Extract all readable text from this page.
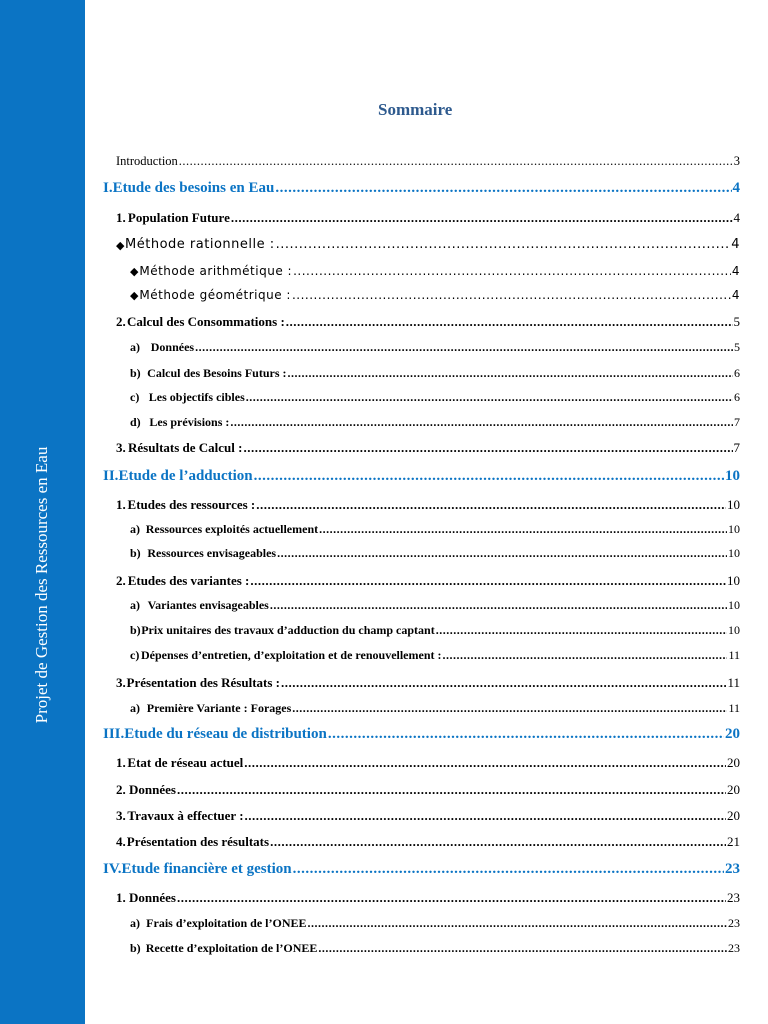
Projet de Gestion des Ressources en Eau
Sommaire
Introduction .....	3
I. Etude des besoins en Eau .....	4
1. Population Future .....	4
◆ Méthode rationnelle : .....	4
◆ Méthode arithmétique : .....	4
◆ Méthode géométrique : .....	4
2. Calcul des Consommations : .....	5
a) Données .....	5
b) Calcul des Besoins Futurs : .....	6
c) Les objectifs cibles .....	6
d) Les prévisions : .....	7
3. Résultats de Calcul : .....	7
II. Etude de l’adduction .....	10
1. Etudes des ressources : .....	10
a) Ressources exploités actuellement .....	10
b) Ressources envisageables .....	10
2. Etudes des variantes : .....	10
a) Variantes envisageables .....	10
b) Prix unitaires des travaux d’adduction du champ captant .....	10
c) Dépenses d’entretien, d’exploitation et de renouvellement : .....	11
3. Présentation des Résultats : .....	11
a) Première Variante : Forages .....	11
III. Etude du réseau de distribution .....	20
1. Etat de réseau actuel .....	20
2. Données .....	20
3. Travaux à effectuer : .....	20
4. Présentation des résultats .....	21
IV. Etude financière et gestion .....	23
1. Données .....	23
a) Frais d’exploitation de l’ONEE .....	23
b) Recette d’exploitation de l’ONEE .....	23
